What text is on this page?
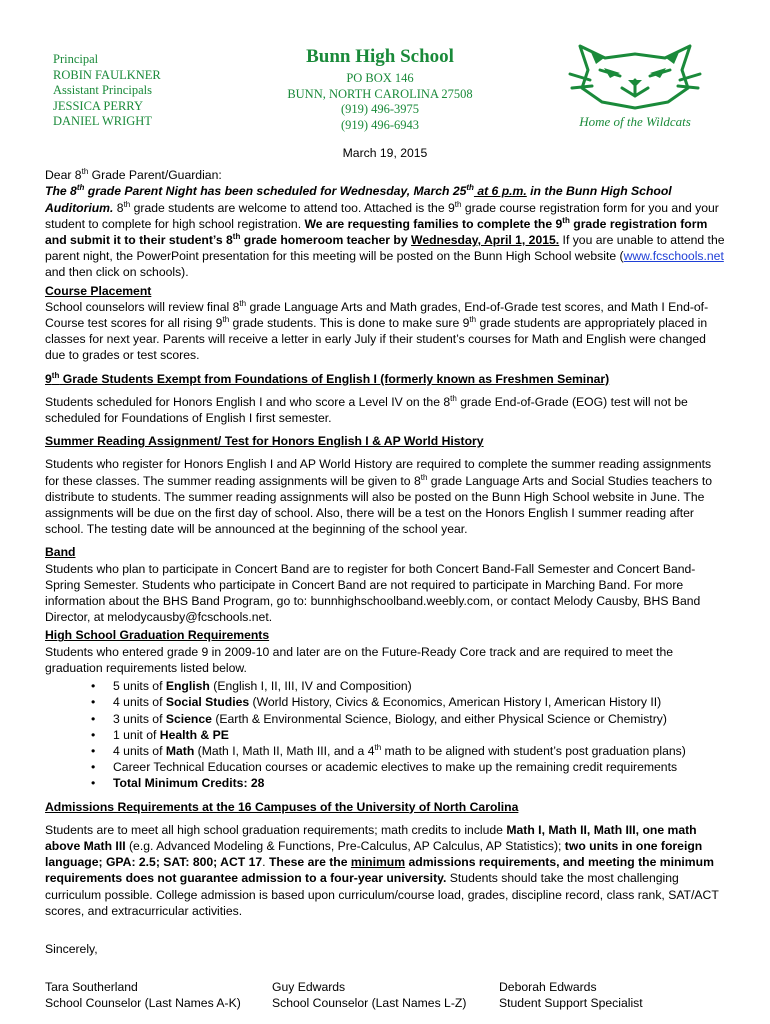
Principal
ROBIN FAULKNER
Assistant Principals
JESSICA PERRY
DANIEL WRIGHT
Bunn High School
PO BOX 146
BUNN, NORTH CAROLINA 27508
(919) 496-3975
(919) 496-6943	Home of the Wildcats

March 19, 2015

Dear 8th Grade Parent/Guardian:

The 8th grade Parent Night has been scheduled for Wednesday, March 25th at 6 p.m. in the Bunn High School Auditorium. 8th grade students are welcome to attend too. Attached is the 9th grade course registration form for you and your student to complete for high school registration. We are requesting families to complete the 9th grade registration form and submit it to their student’s 8th grade homeroom teacher by Wednesday, April 1, 2015. If you are unable to attend the parent night, the PowerPoint presentation for this meeting will be posted on the Bunn High School website (www.fcschools.net and then click on schools).

Course Placement

School counselors will review final 8th grade Language Arts and Math grades, End-of-Grade test scores, and Math I End-of-Course test scores for all rising 9th grade students. This is done to make sure 9th grade students are appropriately placed in classes for next year. Parents will receive a letter in early July if their student’s courses for Math and English were changed due to grades or test scores.

9th Grade Students Exempt from Foundations of English I (formerly known as Freshmen Seminar)

Students scheduled for Honors English I and who score a Level IV on the 8th grade End-of-Grade (EOG) test will not be scheduled for Foundations of English I first semester.

Summer Reading Assignment/ Test for Honors English I & AP World History

Students who register for Honors English I and AP World History are required to complete the summer reading assignments for these classes. The summer reading assignments will be given to 8th grade Language Arts and Social Studies teachers to distribute to students. The summer reading assignments will also be posted on the Bunn High School website in June. The assignments will be due on the first day of school. Also, there will be a test on the Honors English I summer reading after school. The testing date will be announced at the beginning of the school year.

Band

Students who plan to participate in Concert Band are to register for both Concert Band-Fall Semester and Concert Band-Spring Semester. Students who participate in Concert Band are not required to participate in Marching Band. For more information about the BHS Band Program, go to: bunnhighschoolband.weebly.com, or contact Melody Causby, BHS Band Director, at melodycausby@fcschools.net.

High School Graduation Requirements

Students who entered grade 9 in 2009-10 and later are on the Future-Ready Core track and are required to meet the graduation requirements listed below.

• 5 units of English (English I, II, III, IV and Composition)
• 4 units of Social Studies (World History, Civics & Economics, American History I, American History II)
• 3 units of Science (Earth & Environmental Science, Biology, and either Physical Science or Chemistry)
• 1 unit of Health & PE
• 4 units of Math (Math I, Math II, Math III, and a 4th math to be aligned with student’s post graduation plans)
• Career Technical Education courses or academic electives to make up the remaining credit requirements
• Total Minimum Credits: 28

Admissions Requirements at the 16 Campuses of the University of North Carolina

Students are to meet all high school graduation requirements; math credits to include Math I, Math II, Math III, one math above Math III (e.g. Advanced Modeling & Functions, Pre-Calculus, AP Calculus, AP Statistics); two units in one foreign language; GPA: 2.5; SAT: 800; ACT 17. These are the minimum admissions requirements, and meeting the minimum requirements does not guarantee admission to a four-year university. Students should take the most challenging curriculum possible. College admission is based upon curriculum/course load, grades, discipline record, class rank, SAT/ACT scores, and extracurricular activities.

Sincerely,

Tara Southerland
School Counselor (Last Names A-K)
Guy Edwards
School Counselor (Last Names L-Z)
Deborah Edwards
Student Support Specialist
